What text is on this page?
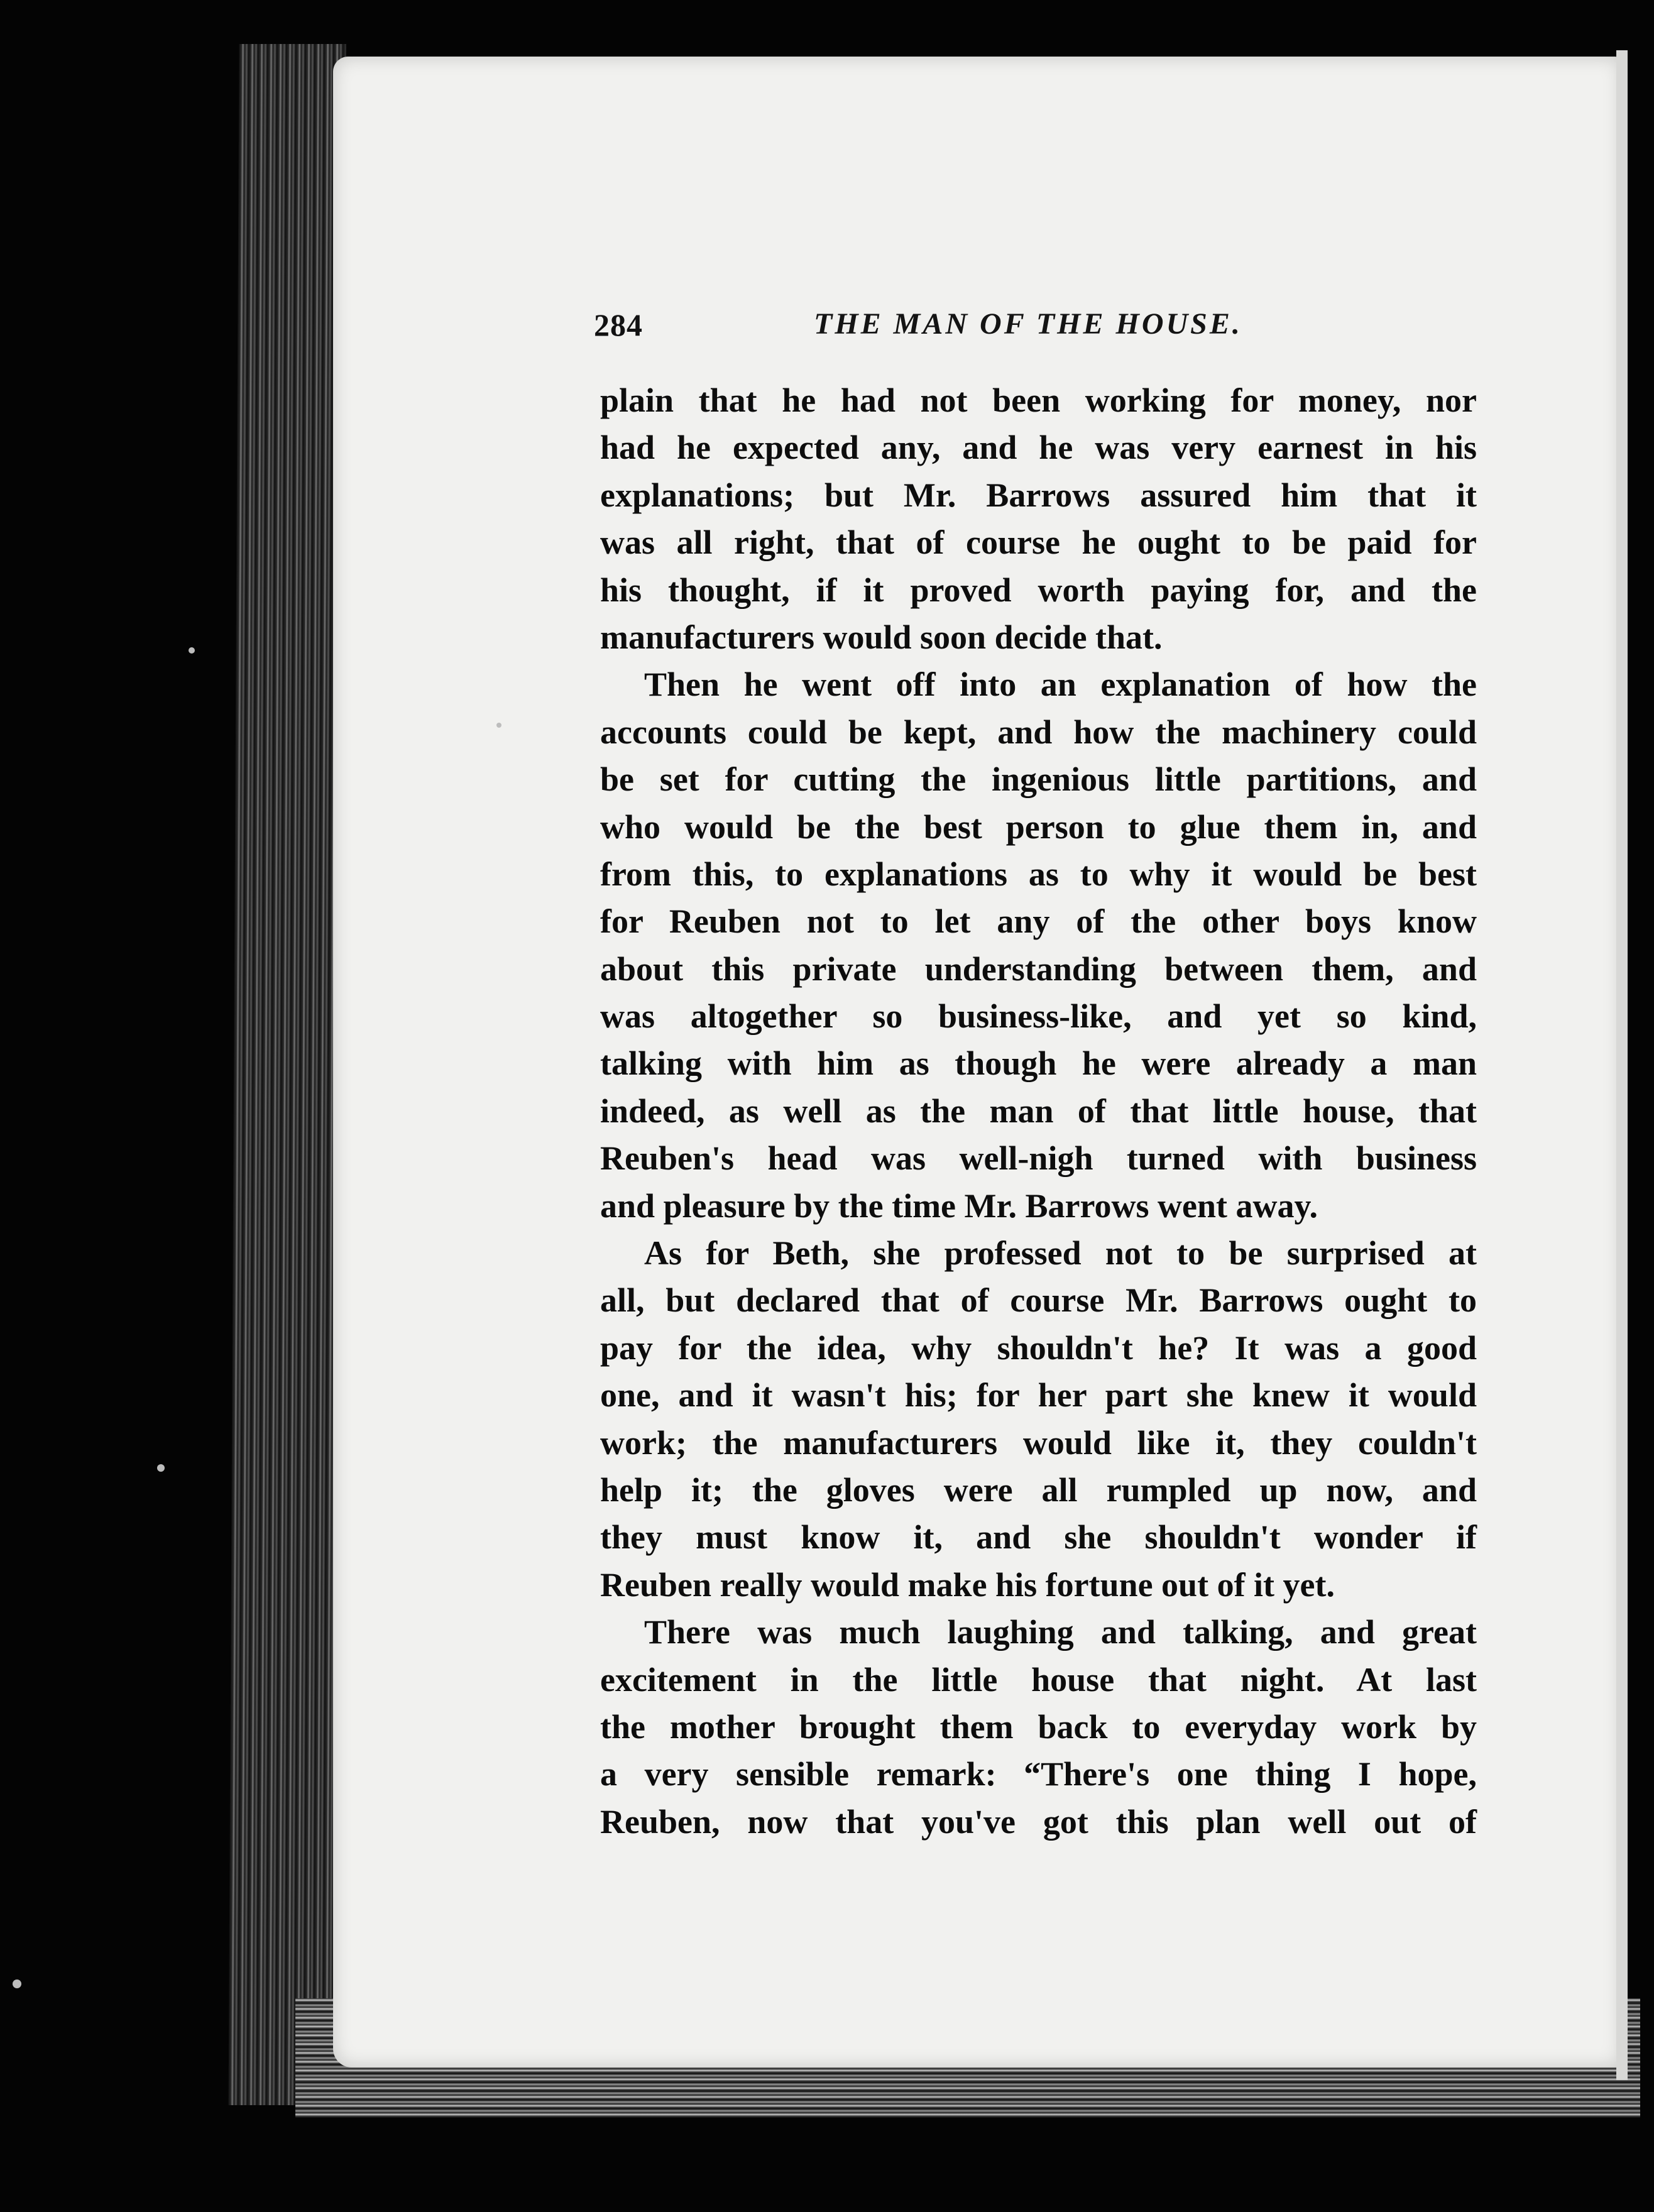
284	THE MAN OF THE HOUSE.

plain that he had not been working for money, nor
had he expected any, and he was very earnest in his
explanations; but Mr. Barrows assured him that it
was all right, that of course he ought to be paid for
his thought, if it proved worth paying for, and the
manufacturers would soon decide that.

Then he went off into an explanation of how the
accounts could be kept, and how the machinery could
be set for cutting the ingenious little partitions, and
who would be the best person to glue them in, and
from this, to explanations as to why it would be best
for Reuben not to let any of the other boys know
about this private understanding between them, and
was altogether so business-like, and yet so kind,
talking with him as though he were already a man
indeed, as well as the man of that little house, that
Reuben's head was well-nigh turned with business
and pleasure by the time Mr. Barrows went away.

As for Beth, she professed not to be surprised at
all, but declared that of course Mr. Barrows ought to
pay for the idea, why shouldn't he? It was a good
one, and it wasn't his; for her part she knew it would
work; the manufacturers would like it, they couldn't
help it; the gloves were all rumpled up now, and
they must know it, and she shouldn't wonder if
Reuben really would make his fortune out of it yet.

There was much laughing and talking, and great
excitement in the little house that night. At last
the mother brought them back to everyday work by
a very sensible remark: “There's one thing I hope,
Reuben, now that you've got this plan well out of
